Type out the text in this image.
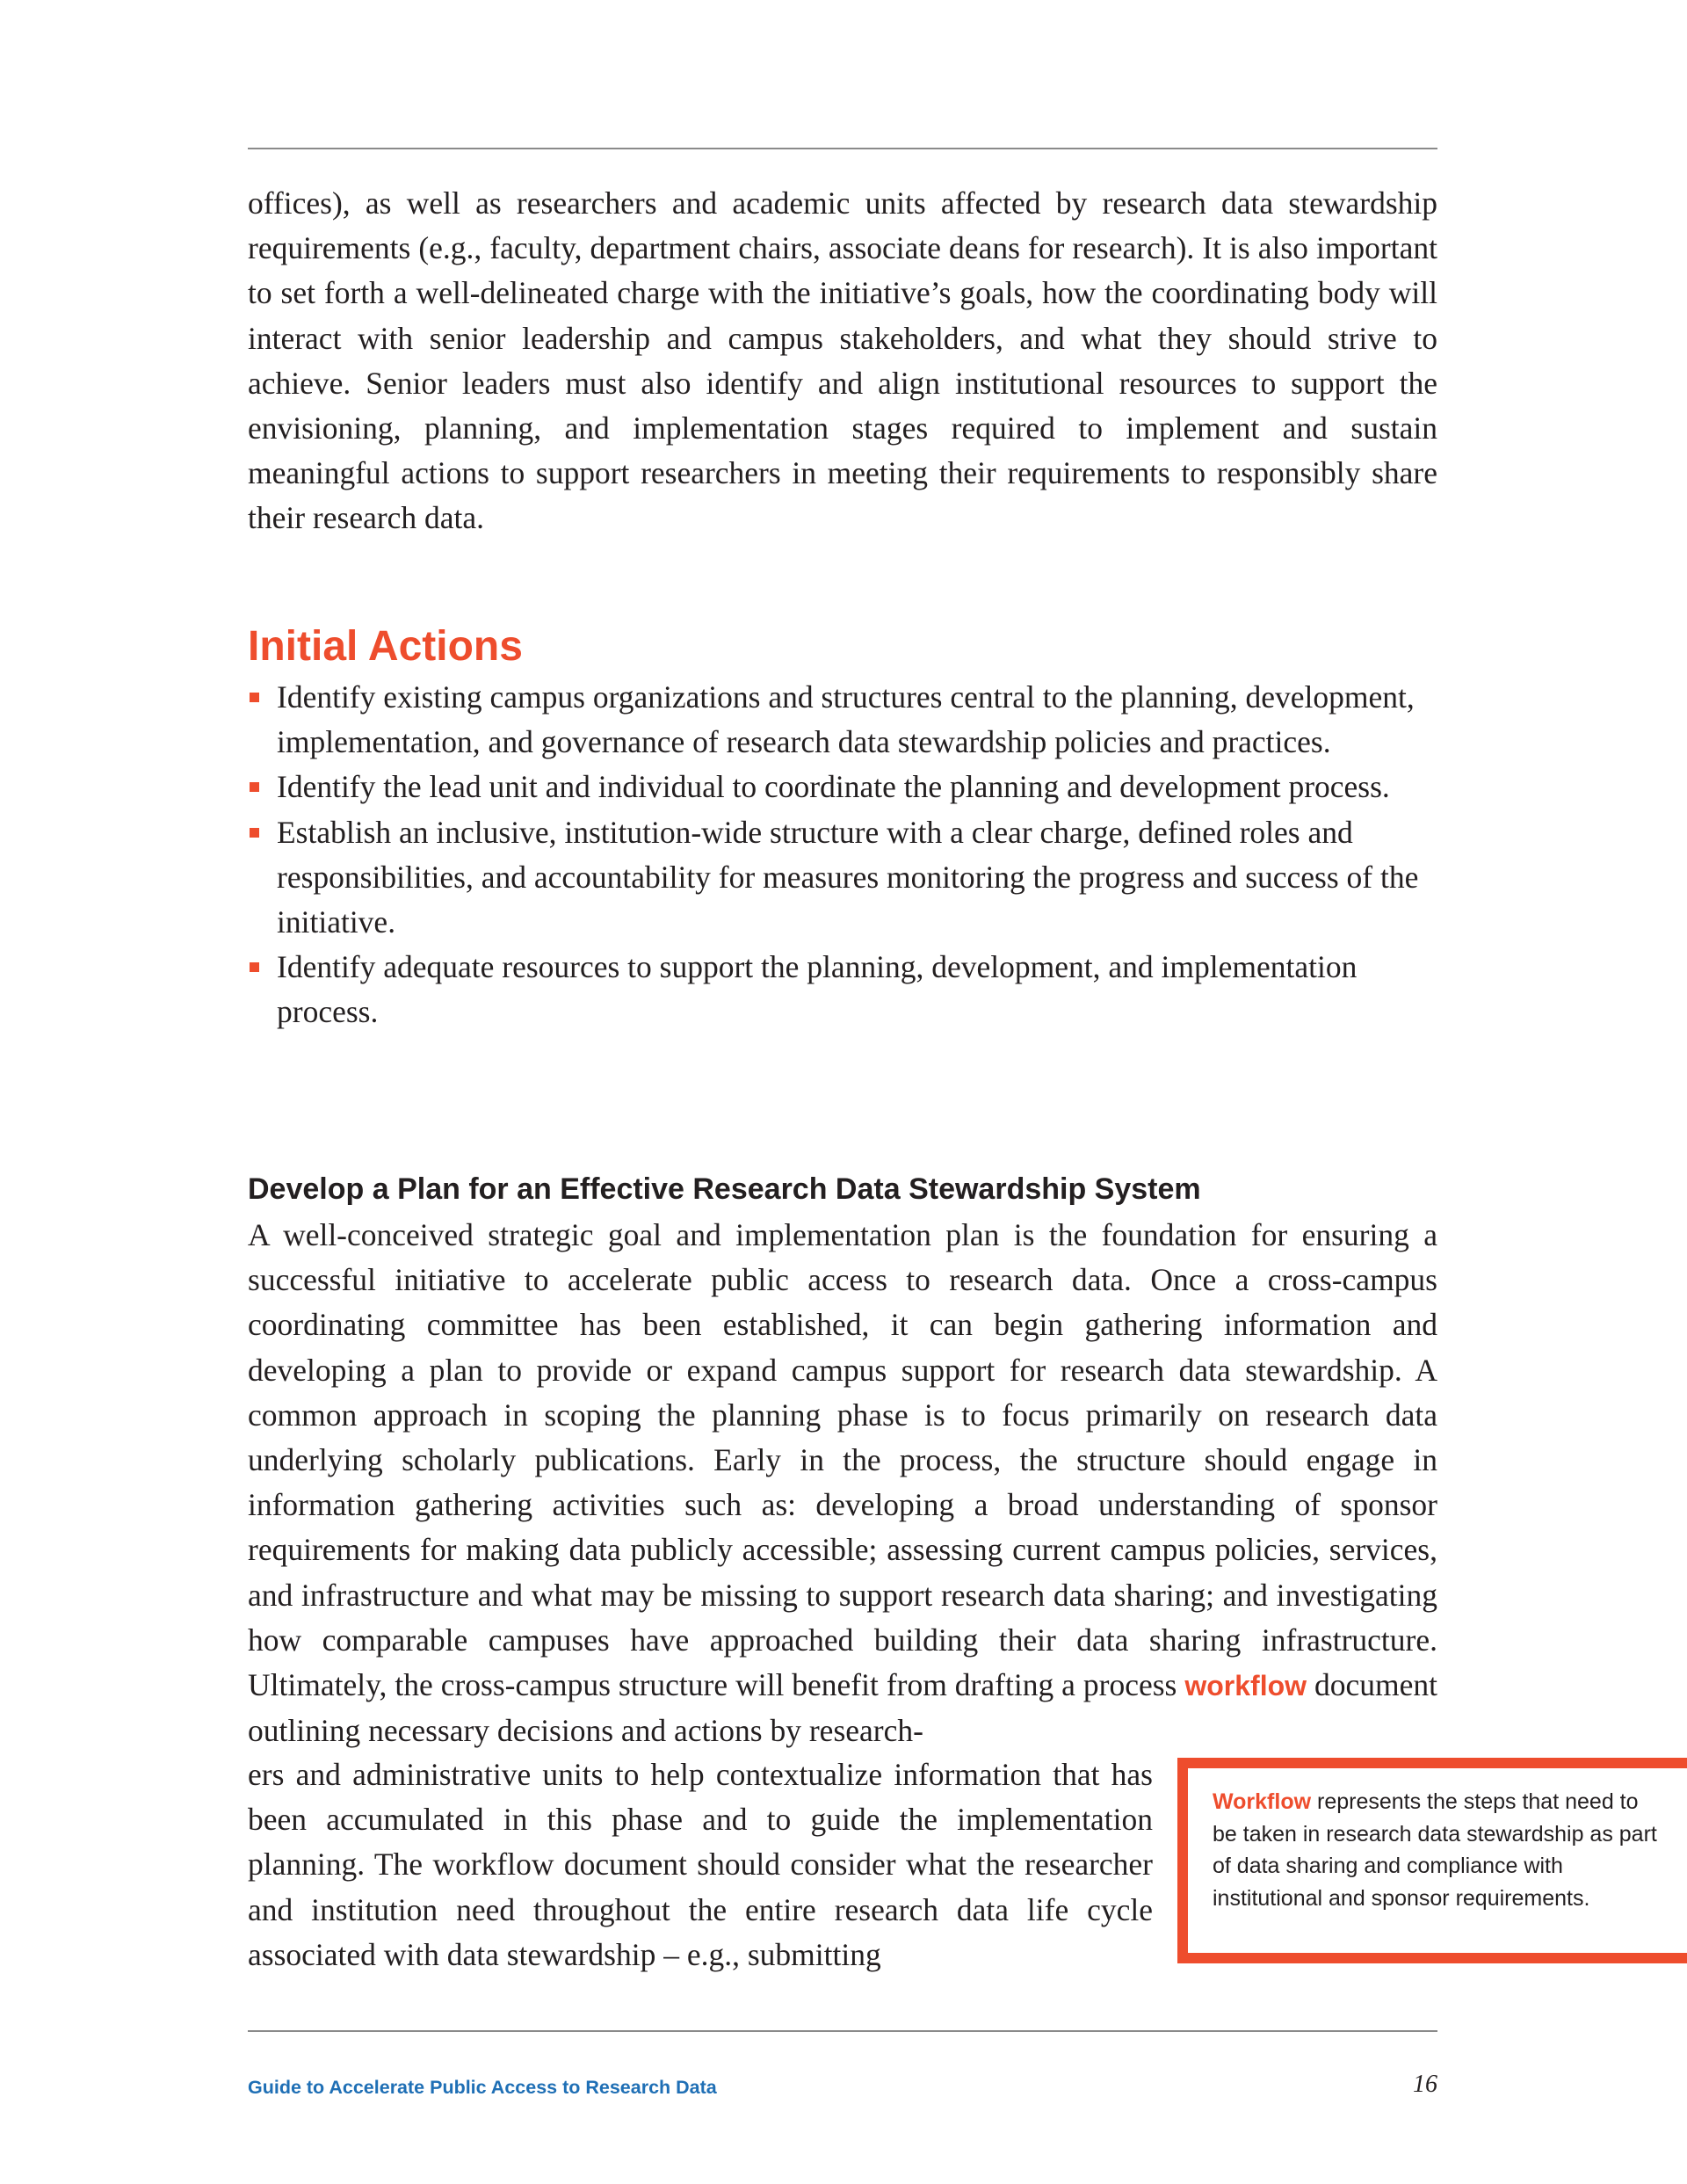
offices), as well as researchers and academic units affected by research data stewardship requirements (e.g., faculty, department chairs, associate deans for research). It is also important to set forth a well-delineated charge with the initiative’s goals, how the coordinating body will interact with senior leadership and campus stakeholders, and what they should strive to achieve. Senior leaders must also identify and align institutional resources to support the envisioning, planning, and implementation stages required to implement and sustain meaningful actions to support researchers in meeting their requirements to responsibly share their research data.

Initial Actions
Identify existing campus organizations and structures central to the planning, development, implementation, and governance of research data stewardship policies and practices.
Identify the lead unit and individual to coordinate the planning and development process.
Establish an inclusive, institution-wide structure with a clear charge, defined roles and responsibilities, and accountability for measures monitoring the progress and success of the initiative.
Identify adequate resources to support the planning, development, and implementation process.
Develop a Plan for an Effective Research Data Stewardship System

A well-conceived strategic goal and implementation plan is the foundation for ensuring a successful initiative to accelerate public access to research data. Once a cross-campus coordinating committee has been established, it can begin gathering information and developing a plan to provide or expand campus support for research data stewardship. A common approach in scoping the planning phase is to focus primarily on research data underlying scholarly publications. Early in the process, the structure should engage in information gathering activities such as: developing a broad understanding of sponsor requirements for making data publicly accessible; assessing current campus policies, services, and infrastructure and what may be missing to support research data sharing; and investigating how comparable campuses have approached building their data sharing infrastructure. Ultimately, the cross-campus structure will benefit from drafting a process workflow document outlining necessary decisions and actions by research-

ers and administrative units to help contextualize information that has been accumulated in this phase and to guide the implementation planning. The workflow document should consider what the researcher and institution need throughout the entire research data life cycle associated with data stewardship – e.g., submitting

Workflow represents the steps that need to be taken in research data stewardship as part of data sharing and compliance with institutional and sponsor requirements.
Guide to Accelerate Public Access to Research Data	16
